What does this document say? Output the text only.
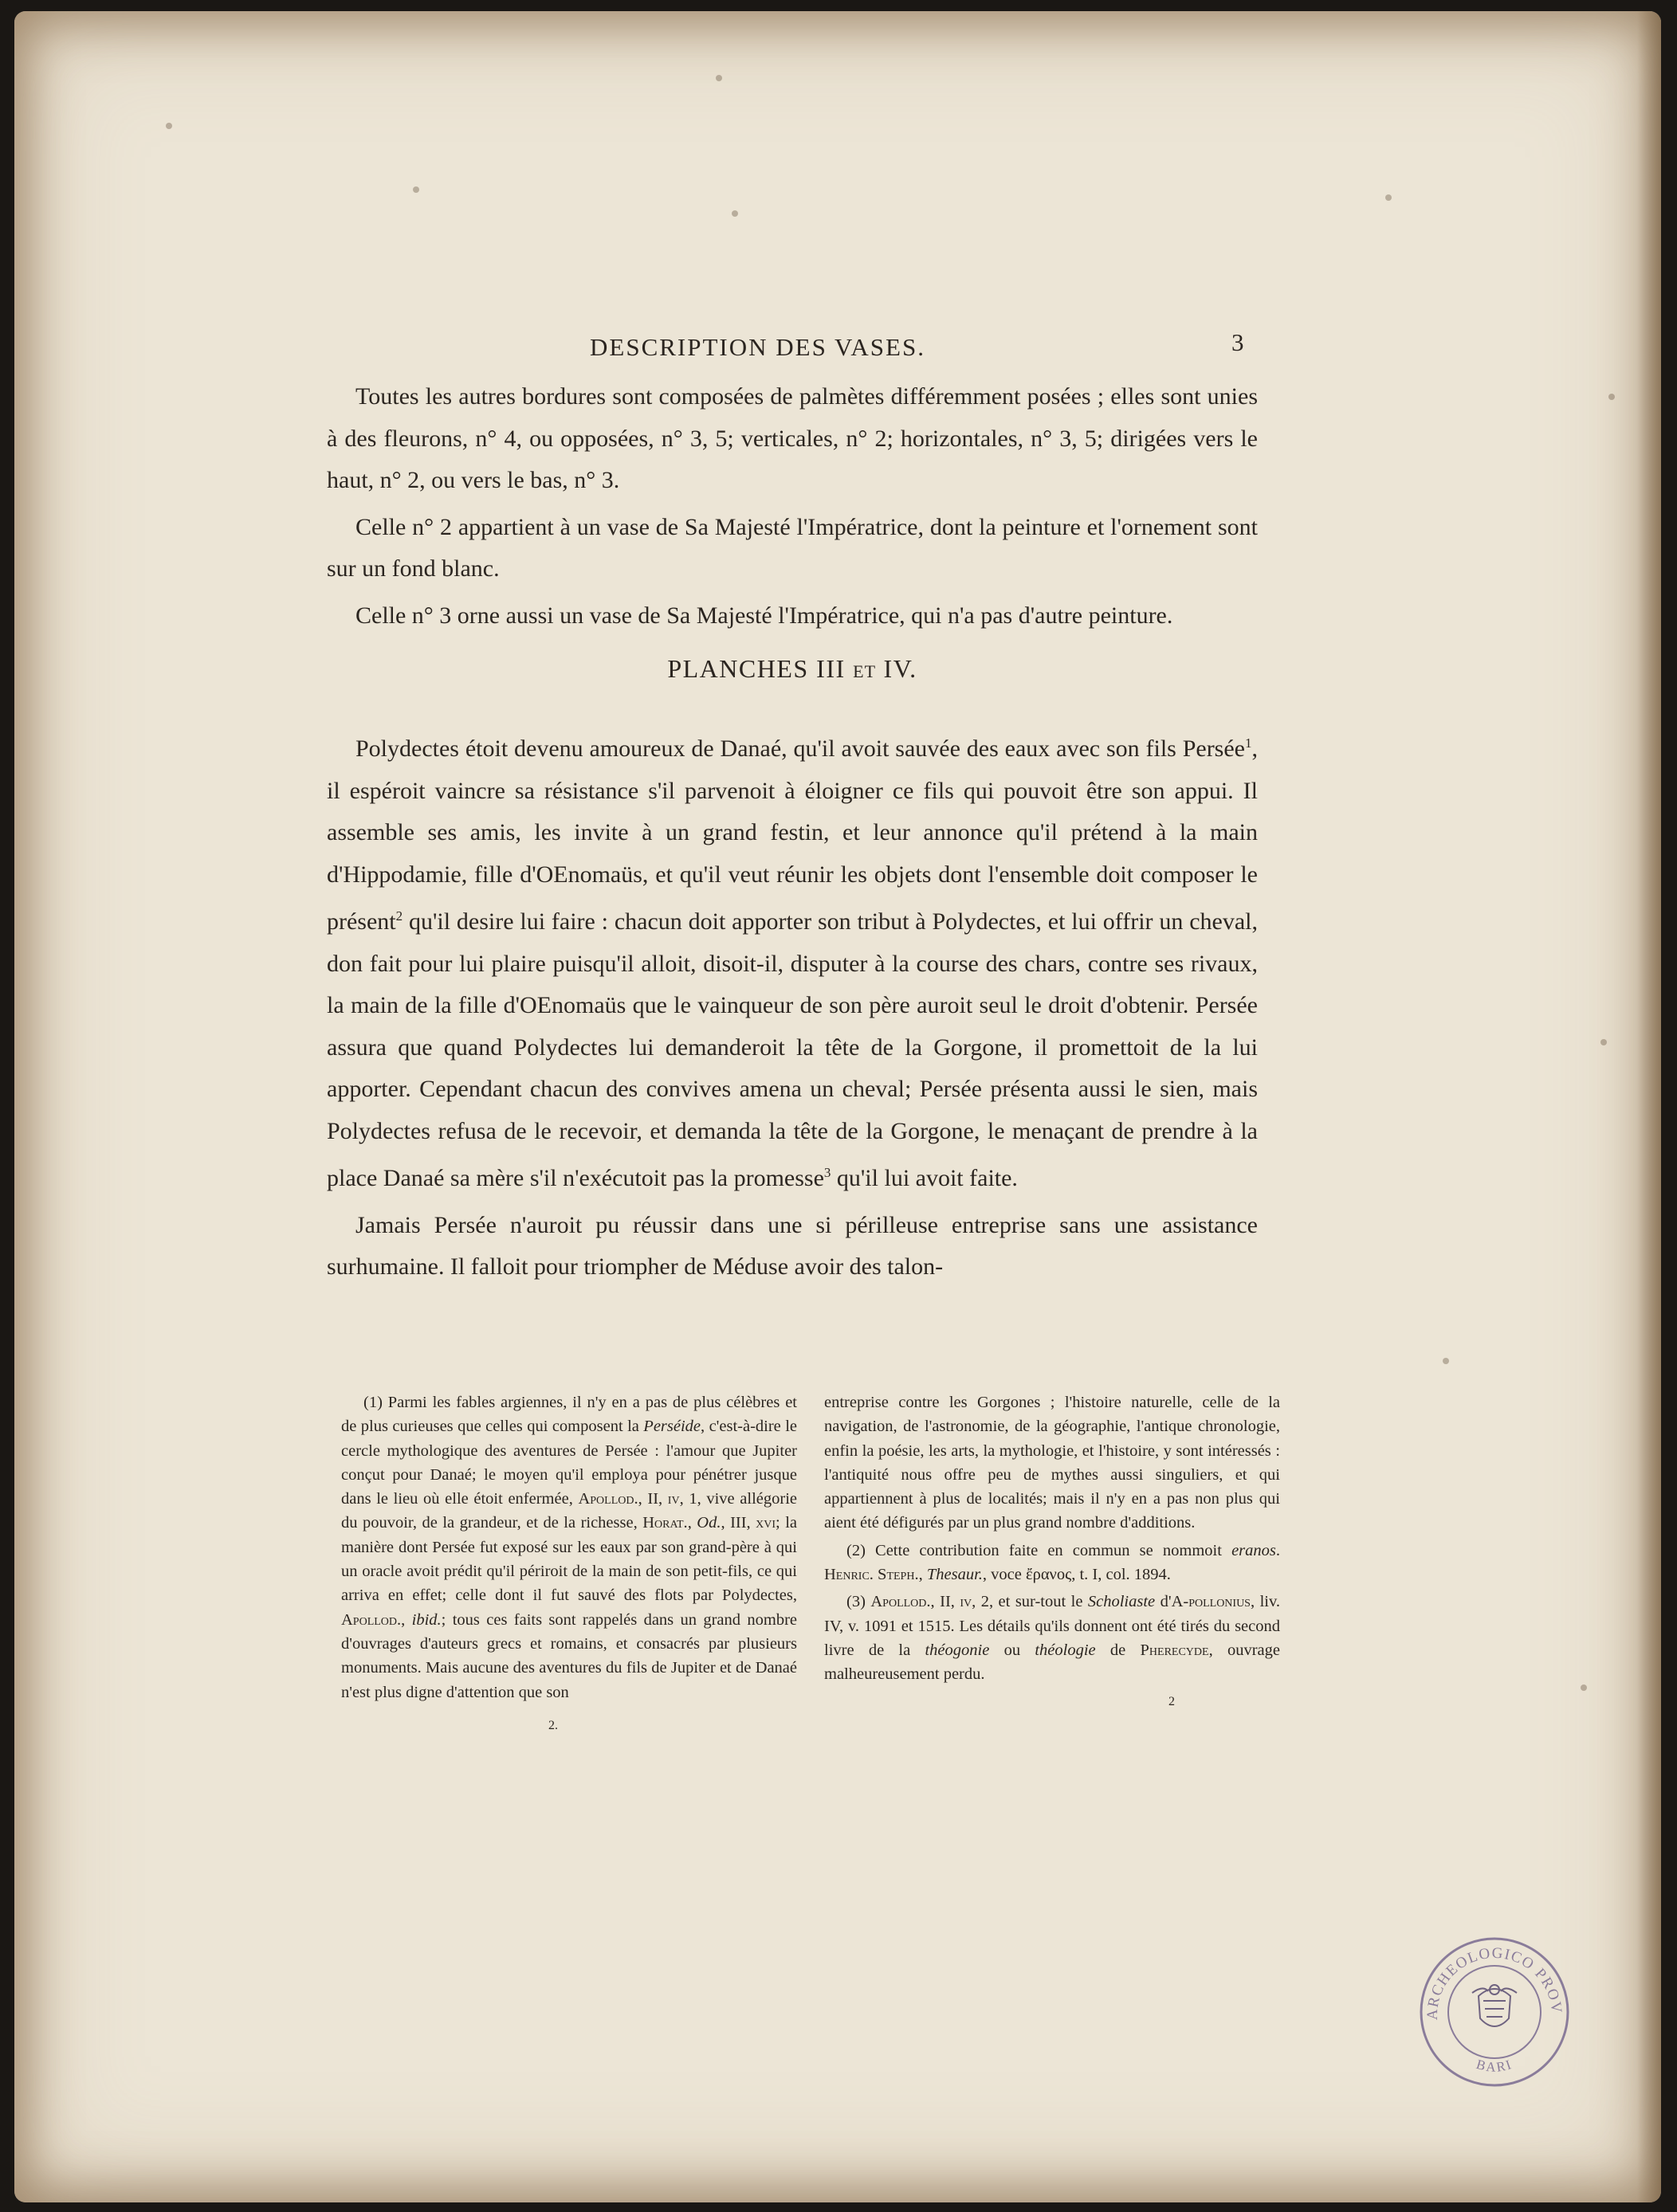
DESCRIPTION DES VASES.	3

Toutes les autres bordures sont composées de palmètes différemment posées ; elles sont unies à des fleurons, n° 4, ou opposées, n° 3, 5; verticales, n° 2; horizontales, n° 3, 5; dirigées vers le haut, n° 2, ou vers le bas, n° 3.

Celle n° 2 appartient à un vase de Sa Majesté l'Impératrice, dont la peinture et l'ornement sont sur un fond blanc.

Celle n° 3 orne aussi un vase de Sa Majesté l'Impératrice, qui n'a pas d'autre peinture.

PLANCHES III ET IV.

Polydectes étoit devenu amoureux de Danaé, qu'il avoit sauvée des eaux avec son fils Persée$^1$, il espéroit vaincre sa résistance s'il parvenoit à éloigner ce fils qui pouvoit être son appui. Il assemble ses amis, les invite à un grand festin, et leur annonce qu'il prétend à la main d'Hippodamie, fille d'OEnomaüs, et qu'il veut réunir les objets dont l'ensemble doit composer le présent$^2$ qu'il desire lui faire : chacun doit apporter son tribut à Polydectes, et lui offrir un cheval, don fait pour lui plaire puisqu'il alloit, disoit-il, disputer à la course des chars, contre ses rivaux, la main de la fille d'OEnomaüs que le vainqueur de son père auroit seul le droit d'obtenir. Persée assura que quand Polydectes lui demanderoit la tête de la Gorgone, il promettoit de la lui apporter. Cependant chacun des convives amena un cheval; Persée présenta aussi le sien, mais Polydectes refusa de le recevoir, et demanda la tête de la Gorgone, le menaçant de prendre à la place Danaé sa mère s'il n'exécutoit pas la promesse$^3$ qu'il lui avoit faite.

Jamais Persée n'auroit pu réussir dans une si périlleuse entreprise sans une assistance surhumaine. Il falloit pour triompher de Méduse avoir des talon-

(1) Parmi les fables argiennes, il n'y en a pas de plus célèbres et de plus curieuses que celles qui composent la Perséide, c'est-à-dire le cercle mythologique des aventures de Persée : l'amour que Jupiter conçut pour Danaé; le moyen qu'il employa pour pénétrer jusque dans le lieu où elle étoit enfermée, Apollod., II, iv, 1, vive allégorie du pouvoir, de la grandeur, et de la richesse, Horat., Od., III, xvi; la manière dont Persée fut exposé sur les eaux par son grand-père à qui un oracle avoit prédit qu'il périroit de la main de son petit-fils, ce qui arriva en effet; celle dont il fut sauvé des flots par Polydectes, Apollod., ibid.; tous ces faits sont rappelés dans un grand nombre d'ouvrages d'auteurs grecs et romains, et consacrés par plusieurs monuments. Mais aucune des aventures du fils de Jupiter et de Danaé n'est plus digne d'attention que son

2.

entreprise contre les Gorgones ; l'histoire naturelle, celle de la navigation, de l'astronomie, de la géographie, l'antique chronologie, enfin la poésie, les arts, la mythologie, et l'histoire, y sont intéressés : l'antiquité nous offre peu de mythes aussi singuliers, et qui appartiennent à plus de localités; mais il n'y en a pas non plus qui aient été défigurés par un plus grand nombre d'additions.

(2) Cette contribution faite en commun se nommoit eranos. Henric. Steph., Thesaur., voce ἔρανος, t. I, col. 1894.

(3) Apollod., II, iv, 2, et sur-tout le Scholiaste d'A-pollonius, liv. IV, v. 1091 et 1515. Les détails qu'ils donnent ont été tirés du second livre de la théogonie ou théologie de Pherecyde, ouvrage malheureusement perdu.

2

ARCHEOLOGICO PROV
BARI
